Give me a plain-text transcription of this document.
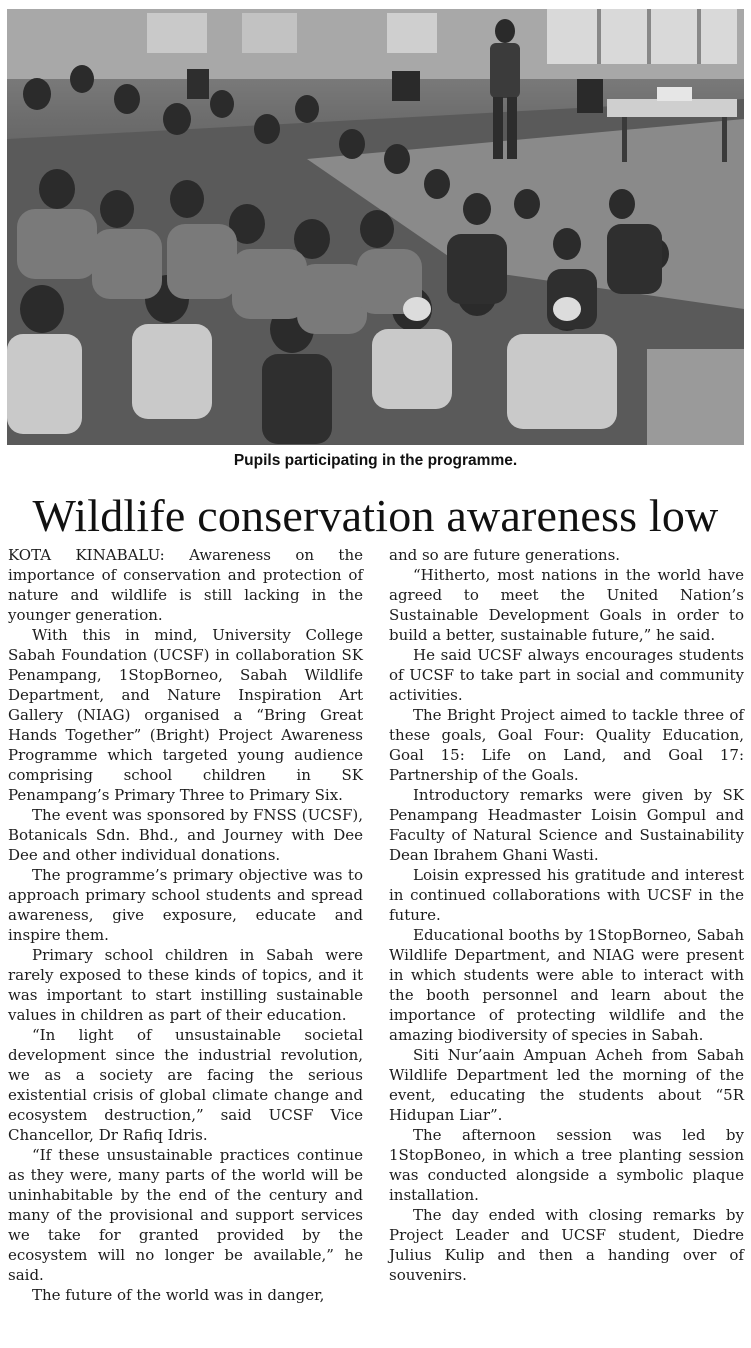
Pupils participating in the programme.
Wildlife conservation awareness low

KOTA KINABALU: Awareness on the importance of conservation and protection of nature and wildlife is still lacking in the younger generation.

With this in mind, University College Sabah Foundation (UCSF) in collaboration SK Penampang, 1StopBorneo, Sabah Wildlife Department, and Nature Inspiration Art Gallery (NIAG) organised a “Bring Great Hands Together” (Bright) Project Awareness Programme which targeted young audience comprising school children in SK Penampang’s Primary Three to Primary Six.

The event was sponsored by FNSS (UCSF), Botanicals Sdn. Bhd., and Journey with Dee Dee and other individual donations.

The programme’s primary objective was to approach primary school students and spread awareness, give exposure, educate and inspire them.

Primary school children in Sabah were rarely exposed to these kinds of topics, and it was important to start instilling sustainable values in children as part of their education.

“In light of unsustainable societal development since the industrial revolution, we as a society are facing the serious existential crisis of global climate change and ecosystem destruction,” said UCSF Vice Chancellor, Dr Rafiq Idris.

“If these unsustainable practices continue as they were, many parts of the world will be uninhabitable by the end of the century and many of the provisional and support services we take for granted provided by the ecosystem will no longer be available,” he said.

The future of the world was in danger,

and so are future generations.

“Hitherto, most nations in the world have agreed to meet the United Nation’s Sustainable Development Goals in order to build a better, sustainable future,” he said.

He said UCSF always encourages students of UCSF to take part in social and community activities.

The Bright Project aimed to tackle three of these goals, Goal Four: Quality Education, Goal 15: Life on Land, and Goal 17: Partnership of the Goals.

Introductory remarks were given by SK Penampang Headmaster Loisin Gompul and Faculty of Natural Science and Sustainability Dean Ibrahem Ghani Wasti.

Loisin expressed his gratitude and interest in continued collaborations with UCSF in the future.

Educational booths by 1StopBorneo, Sabah Wildlife Department, and NIAG were present in which students were able to interact with the booth personnel and learn about the importance of protecting wildlife and the amazing biodiversity of species in Sabah.

Siti Nur’aain Ampuan Acheh from Sabah Wildlife Department led the morning of the event, educating the students about “5R Hidupan Liar”.

The afternoon session was led by 1StopBoneo, in which a tree planting session was conducted alongside a symbolic plaque installation.

The day ended with closing remarks by Project Leader and UCSF student, Diedre Julius Kulip and then a handing over of souvenirs.
